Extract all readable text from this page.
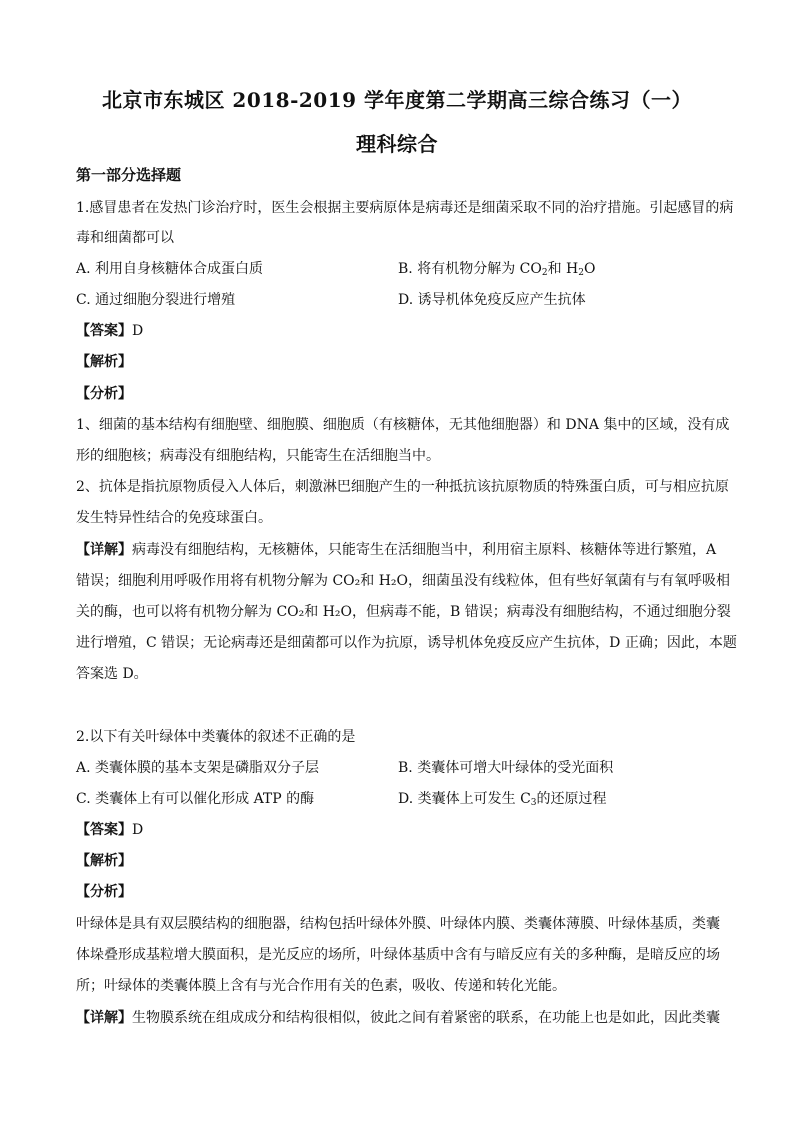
北京市东城区 2018-2019 学年度第二学期高三综合练习（一）
理科综合
第一部分选择题
1.感冒患者在发热门诊治疗时，医生会根据主要病原体是病毒还是细菌采取不同的治疗措施。引起感冒的病
毒和细菌都可以
A. 利用自身核糖体合成蛋白质	B. 将有机物分解为 $CO_2$和 $H_2O$
C. 通过细胞分裂进行增殖	D. 诱导机体免疫反应产生抗体
【答案】D
【解析】
【分析】
1、细菌的基本结构有细胞壁、细胞膜、细胞质（有核糖体，无其他细胞器）和 DNA 集中的区域，没有成
形的细胞核；病毒没有细胞结构，只能寄生在活细胞当中。
2、抗体是指抗原物质侵入人体后，刺激淋巴细胞产生的一种抵抗该抗原物质的特殊蛋白质，可与相应抗原
发生特异性结合的免疫球蛋白。
【详解】病毒没有细胞结构，无核糖体，只能寄生在活细胞当中，利用宿主原料、核糖体等进行繁殖，A
错误；细胞利用呼吸作用将有机物分解为 CO₂和 H₂O，细菌虽没有线粒体，但有些好氧菌有与有氧呼吸相
关的酶，也可以将有机物分解为 CO₂和 H₂O，但病毒不能，B 错误；病毒没有细胞结构，不通过细胞分裂
进行增殖，C 错误；无论病毒还是细菌都可以作为抗原，诱导机体免疫反应产生抗体，D 正确；因此，本题
答案选 D。
2.以下有关叶绿体中类囊体的叙述不正确的是
A. 类囊体膜的基本支架是磷脂双分子层	B. 类囊体可增大叶绿体的受光面积
C. 类囊体上有可以催化形成 ATP 的酶	D. 类囊体上可发生 $C_3$的还原过程
【答案】D
【解析】
【分析】
叶绿体是具有双层膜结构的细胞器，结构包括叶绿体外膜、叶绿体内膜、类囊体薄膜、叶绿体基质，类囊
体垛叠形成基粒增大膜面积，是光反应的场所，叶绿体基质中含有与暗反应有关的多种酶，是暗反应的场
所；叶绿体的类囊体膜上含有与光合作用有关的色素，吸收、传递和转化光能。
【详解】生物膜系统在组成成分和结构很相似，彼此之间有着紧密的联系，在功能上也是如此，因此类囊
